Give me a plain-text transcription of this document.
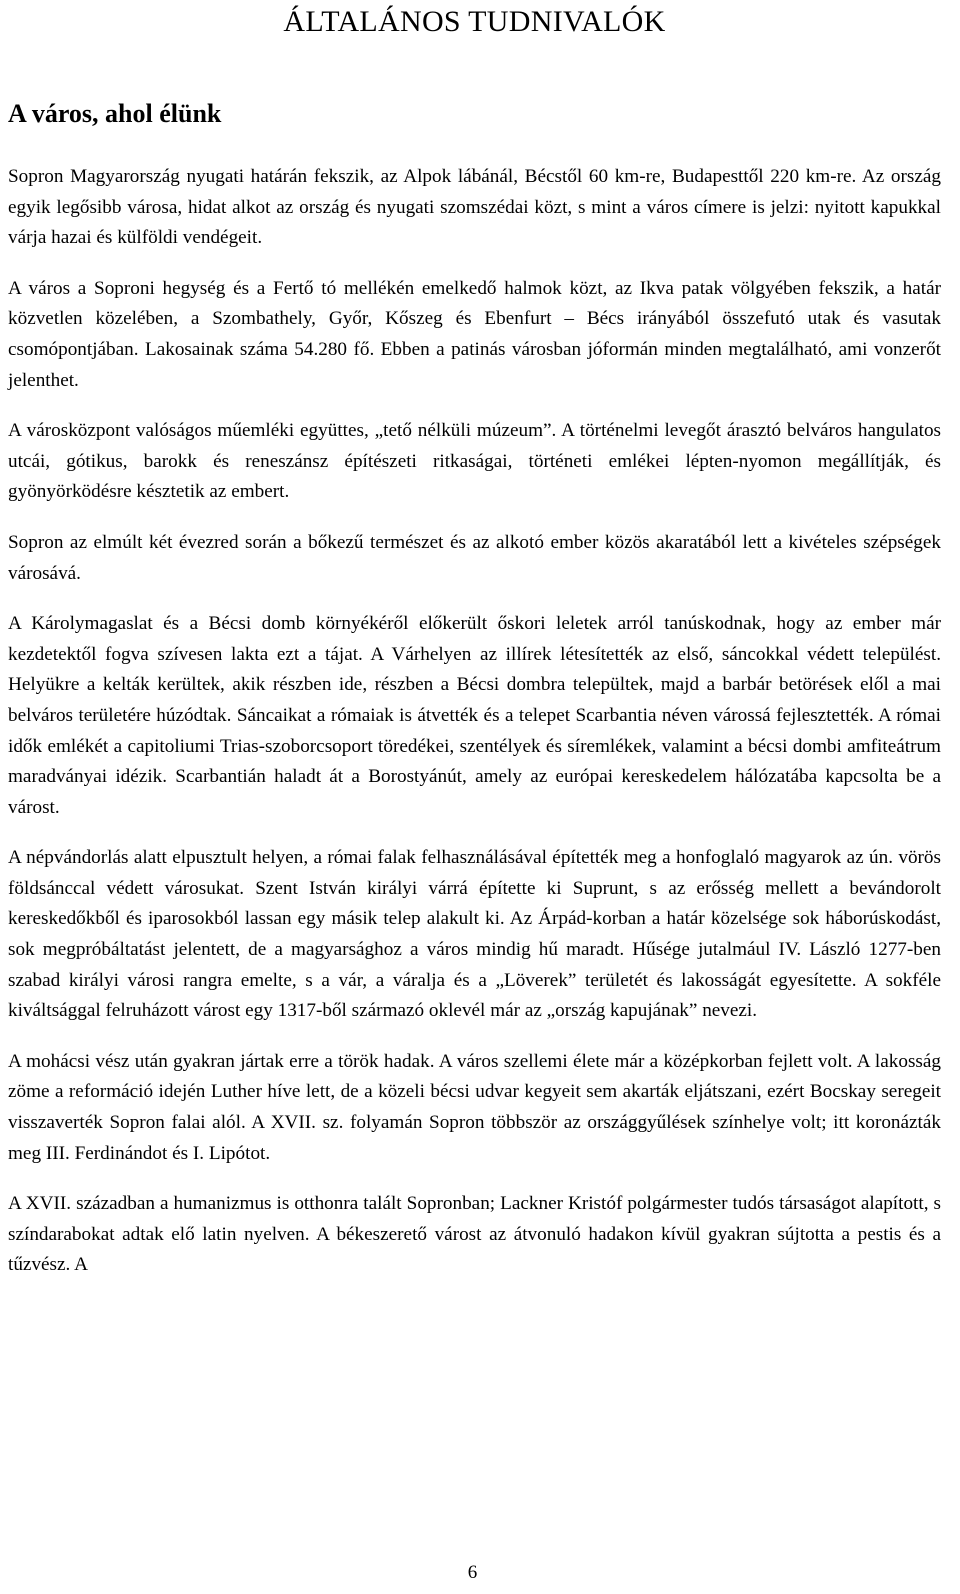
ÁLTALÁNOS TUDNIVALÓK
A város, ahol élünk

Sopron Magyarország nyugati határán fekszik, az Alpok lábánál, Bécstől 60 km-re, Budapesttől 220 km-re. Az ország egyik legősibb városa, hidat alkot az ország és nyugati szomszédai közt, s mint a város címere is jelzi: nyitott kapukkal várja hazai és külföldi vendégeit.

A város a Soproni hegység és a Fertő tó mellékén emelkedő halmok közt, az Ikva patak völgyében fekszik, a határ közvetlen közelében, a Szombathely, Győr, Kőszeg és Ebenfurt – Bécs irányából összefutó utak és vasutak csomópontjában. Lakosainak száma 54.280 fő. Ebben a patinás városban jóformán minden megtalálható, ami vonzerőt jelenthet.

A városközpont valóságos műemléki együttes, „tető nélküli múzeum”. A történelmi levegőt árasztó belváros hangulatos utcái, gótikus, barokk és reneszánsz építészeti ritkaságai, történeti emlékei lépten-nyomon megállítják, és gyönyörködésre késztetik az embert.

Sopron az elmúlt két évezred során a bőkezű természet és az alkotó ember közös akaratából lett a kivételes szépségek városává.

A Károlymagaslat és a Bécsi domb környékéről előkerült őskori leletek arról tanúskodnak, hogy az ember már kezdetektől fogva szívesen lakta ezt a tájat. A Várhelyen az illírek létesítették az első, sáncokkal védett települést. Helyükre a kelták kerültek, akik részben ide, részben a Bécsi dombra települtek, majd a barbár betörések elől a mai belváros területére húzódtak. Sáncaikat a rómaiak is átvették és a telepet Scarbantia néven várossá fejlesztették. A római idők emlékét a capitoliumi Trias-szoborcsoport töredékei, szentélyek és síremlékek, valamint a bécsi dombi amfiteátrum maradványai idézik. Scarbantián haladt át a Borostyánút, amely az európai kereskedelem hálózatába kapcsolta be a várost.

A népvándorlás alatt elpusztult helyen, a római falak felhasználásával építették meg a honfoglaló magyarok az ún. vörös földsánccal védett városukat. Szent István királyi várrá építette ki Suprunt, s az erősség mellett a bevándorolt kereskedőkből és iparosokból lassan egy másik telep alakult ki. Az Árpád-korban a határ közelsége sok háborúskodást, sok megpróbáltatást jelentett, de a magyarsághoz a város mindig hű maradt. Hűsége jutalmául IV. László 1277-ben szabad királyi városi rangra emelte, s a vár, a váralja és a „Löverek” területét és lakosságát egyesítette. A sokféle kiváltsággal felruházott várost egy 1317-ből származó oklevél már az „ország kapujának” nevezi.

A mohácsi vész után gyakran jártak erre a török hadak. A város szellemi élete már a középkorban fejlett volt. A lakosság zöme a reformáció idején Luther híve lett, de a közeli bécsi udvar kegyeit sem akarták eljátszani, ezért Bocskay seregeit visszaverték Sopron falai alól. A XVII. sz. folyamán Sopron többször az országgyűlések színhelye volt; itt koronázták meg III. Ferdinándot és I. Lipótot.

A XVII. században a humanizmus is otthonra talált Sopronban; Lackner Kristóf polgármester tudós társaságot alapított, s színdarabokat adtak elő latin nyelven. A békeszerető várost az átvonuló hadakon kívül gyakran sújtotta a pestis és a tűzvész. A

6
